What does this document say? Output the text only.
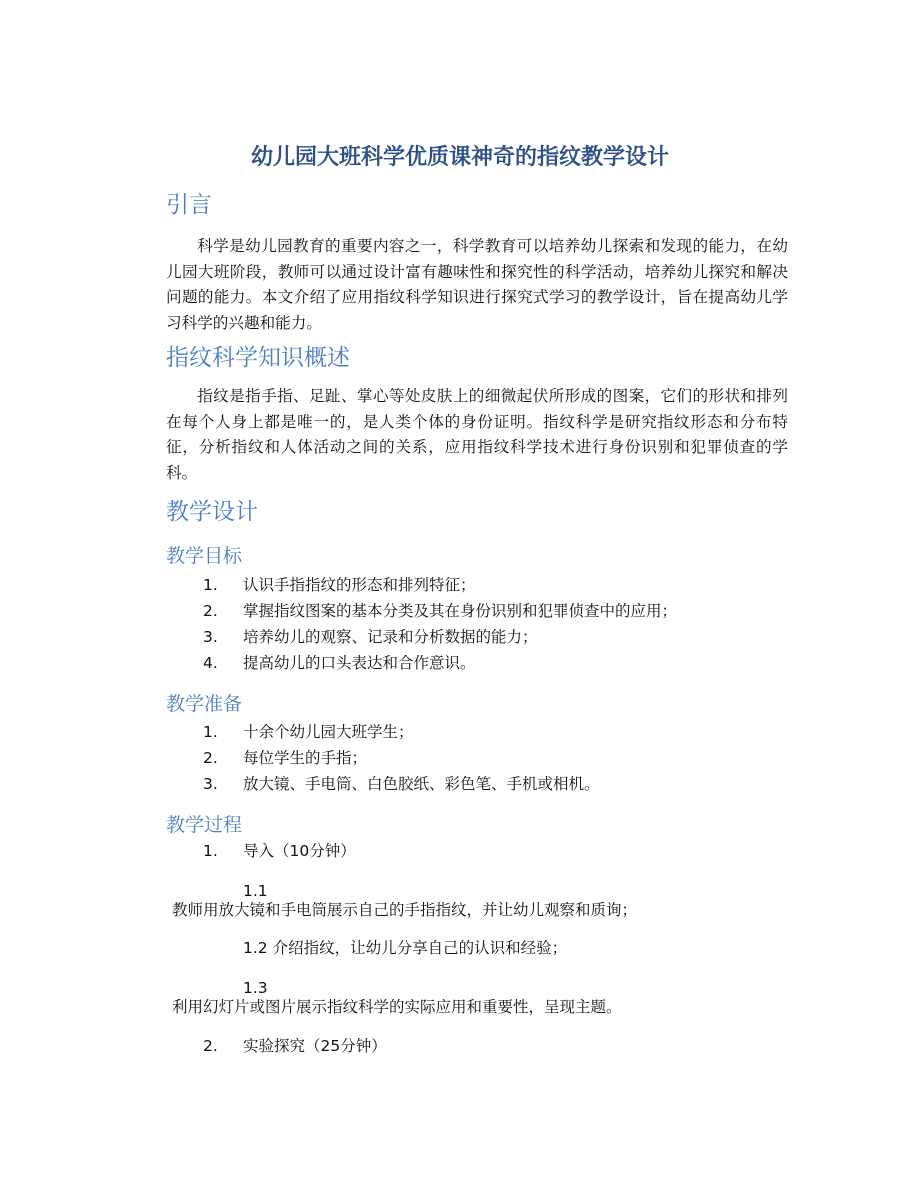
幼儿园大班科学优质课神奇的指纹教学设计
引言
科学是幼儿园教育的重要内容之一，科学教育可以培养幼儿探索和发现的能力，在幼儿园大班阶段，教师可以通过设计富有趣味性和探究性的科学活动，培养幼儿探究和解决问题的能力。本文介绍了应用指纹科学知识进行探究式学习的教学设计，旨在提高幼儿学习科学的兴趣和能力。
指纹科学知识概述
指纹是指手指、足趾、掌心等处皮肤上的细微起伏所形成的图案，它们的形状和排列在每个人身上都是唯一的，是人类个体的身份证明。指纹科学是研究指纹形态和分布特征，分析指纹和人体活动之间的关系，应用指纹科学技术进行身份识别和犯罪侦查的学科。
教学设计
教学目标
1. 认识手指指纹的形态和排列特征；
2. 掌握指纹图案的基本分类及其在身份识别和犯罪侦查中的应用；
3. 培养幼儿的观察、记录和分析数据的能力；
4. 提高幼儿的口头表达和合作意识。
教学准备
1. 十余个幼儿园大班学生；
2. 每位学生的手指；
3. 放大镜、手电筒、白色胶纸、彩色笔、手机或相机。
教学过程
1. 导入（10分钟）
1.1
教师用放大镜和手电筒展示自己的手指指纹，并让幼儿观察和质询；
1.2 介绍指纹，让幼儿分享自己的认识和经验；
1.3
利用幻灯片或图片展示指纹科学的实际应用和重要性，呈现主题。
2. 实验探究（25分钟）
